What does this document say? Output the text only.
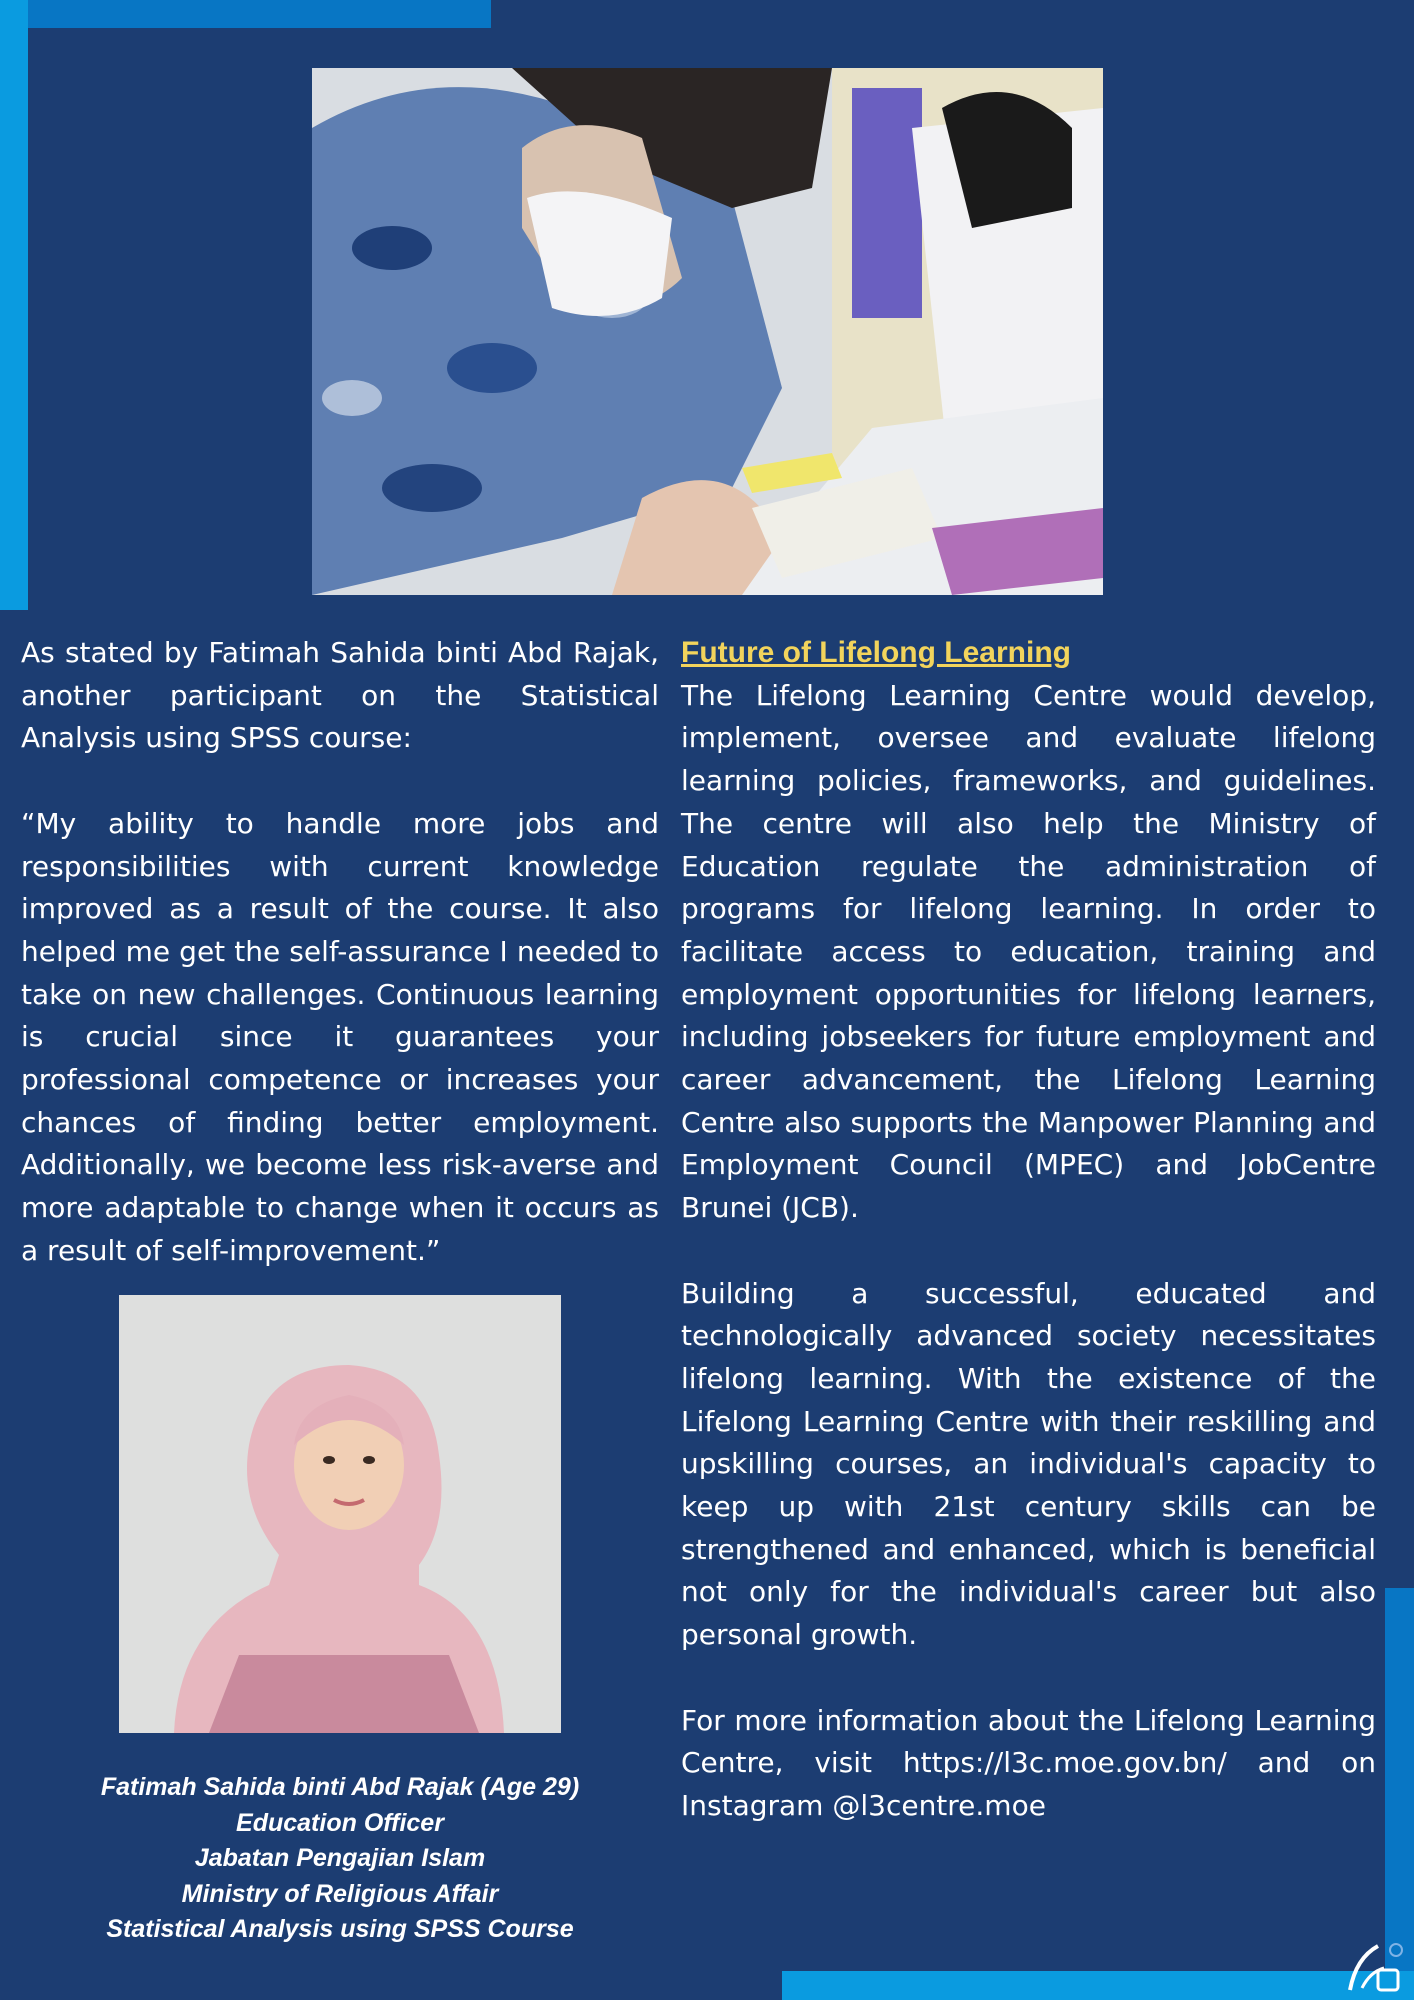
As stated by Fatimah Sahida binti Abd Rajak, another participant on the Statistical Analysis using SPSS course:

“My ability to handle more jobs and responsibilities with current knowledge improved as a result of the course. It also helped me get the self-assurance I needed to take on new challenges. Continuous learning is crucial since it guarantees your professional competence or increases your chances of finding better employment. Additionally, we become less risk-averse and more adaptable to change when it occurs as a result of self-improvement.”

Fatimah Sahida binti Abd Rajak (Age 29)
Education Officer
Jabatan Pengajian Islam
Ministry of Religious Affair
Statistical Analysis using SPSS Course

Future of Lifelong Learning

The Lifelong Learning Centre would develop, implement, oversee and evaluate lifelong learning policies, frameworks, and guidelines. The centre will also help the Ministry of Education regulate the administration of programs for lifelong learning. In order to facilitate access to education, training and employment opportunities for lifelong learners, including jobseekers for future employment and career advancement, the Lifelong Learning Centre also supports the Manpower Planning and Employment Council (MPEC) and JobCentre Brunei (JCB).

Building a successful, educated and technologically advanced society necessitates lifelong learning. With the existence of the Lifelong Learning Centre with their reskilling and upskilling courses, an individual's capacity to keep up with 21st century skills can be strengthened and enhanced, which is beneficial not only for the individual's career but also personal growth.

For more information about the Lifelong Learning Centre, visit https://l3c.moe.gov.bn/ and on Instagram @l3centre.moe
